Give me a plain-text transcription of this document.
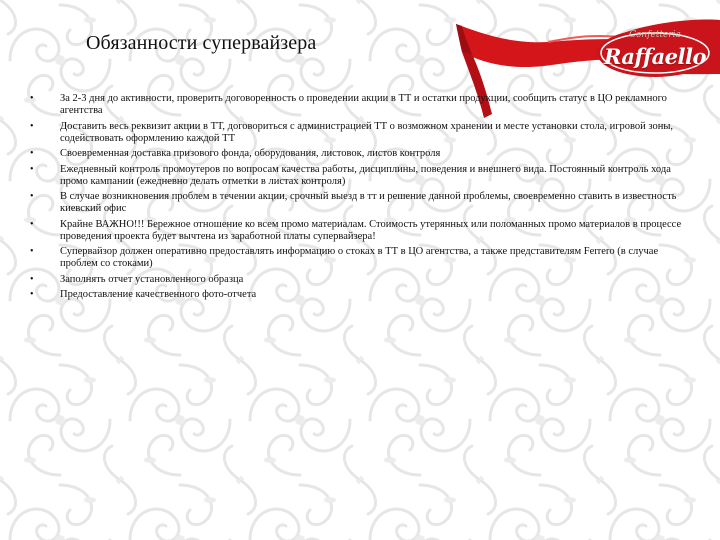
Обязанности супервайзера	Confetteria
Raffaello
•	За 2-3 дня до активности, проверить договоренность о проведении акции в ТТ и остатки продукции, сообщить статус в ЦО рекламного агентства
•	Доставить весь реквизит акции в ТТ, договориться с администрацией ТТ о возможном хранении и месте установки стола, игровой зоны, содействовать оформлению каждой ТТ
•	Своевременная доставка призового фонда, оборудования, листовок, листов контроля
•	Ежедневный контроль промоутеров по вопросам качества работы, дисциплины, поведения и внешнего вида. Постоянный контроль хода промо кампании (ежедневно делать отметки в листах контроля)
•	В случае возникновения проблем в течении акции, срочный выезд в тт и решение данной проблемы, своевременно ставить в известность киевский офис
•	Крайне ВАЖНО!!! Бережное отношение ко всем промо материалам. Стоимость утерянных или поломанных промо материалов в процессе проведения проекта будет вычтена из заработной платы супервайзера!
•	Супервайзор должен оперативно предоставлять информацию о стоках в ТТ в ЦО агентства, а также представителям Ferrero (в случае проблем со стоками)
•	Заполнять отчет установленного образца
•	Предоставление качественного фото-отчета
